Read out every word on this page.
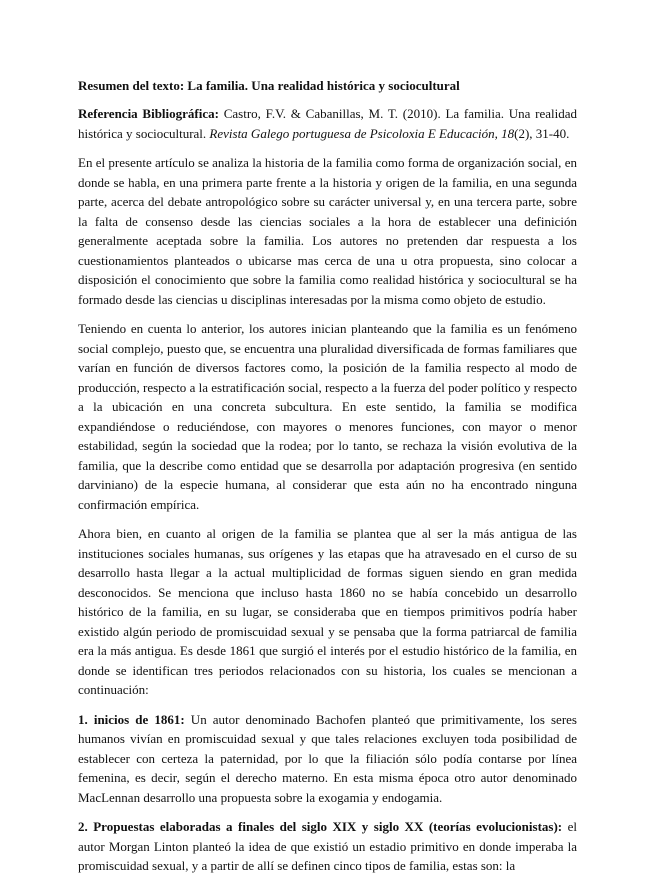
Resumen del texto: La familia. Una realidad histórica y sociocultural

Referencia Bibliográfica: Castro, F.V. & Cabanillas, M. T. (2010). La familia. Una realidad histórica y sociocultural. Revista Galego portuguesa de Psicoloxia E Educación, 18(2), 31-40.

En el presente artículo se analiza la historia de la familia como forma de organización social, en donde se habla, en una primera parte frente a la historia y origen de la familia, en una segunda parte, acerca del debate antropológico sobre su carácter universal y, en una tercera parte, sobre la falta de consenso desde las ciencias sociales a la hora de establecer una definición generalmente aceptada sobre la familia. Los autores no pretenden dar respuesta a los cuestionamientos planteados o ubicarse mas cerca de una u otra propuesta, sino colocar a disposición el conocimiento que sobre la familia como realidad histórica y sociocultural se ha formado desde las ciencias u disciplinas interesadas por la misma como objeto de estudio.

Teniendo en cuenta lo anterior, los autores inician planteando que la familia es un fenómeno social complejo, puesto que, se encuentra una pluralidad diversificada de formas familiares que varían en función de diversos factores como, la posición de la familia respecto al modo de producción, respecto a la estratificación social, respecto a la fuerza del poder político y respecto a la ubicación en una concreta subcultura. En este sentido, la familia se modifica expandiéndose o reduciéndose, con mayores o menores funciones, con mayor o menor estabilidad, según la sociedad que la rodea; por lo tanto, se rechaza la visión evolutiva de la familia, que la describe como entidad que se desarrolla por adaptación progresiva (en sentido darviniano) de la especie humana, al considerar que esta aún no ha encontrado ninguna confirmación empírica.

Ahora bien, en cuanto al origen de la familia se plantea que al ser la más antigua de las instituciones sociales humanas, sus orígenes y las etapas que ha atravesado en el curso de su desarrollo hasta llegar a la actual multiplicidad de formas siguen siendo en gran medida desconocidos. Se menciona que incluso hasta 1860 no se había concebido un desarrollo histórico de la familia, en su lugar, se consideraba que en tiempos primitivos podría haber existido algún periodo de promiscuidad sexual y se pensaba que la forma patriarcal de familia era la más antigua. Es desde 1861 que surgió el interés por el estudio histórico de la familia, en donde se identifican tres periodos relacionados con su historia, los cuales se mencionan a continuación:

1. inicios de 1861: Un autor denominado Bachofen planteó que primitivamente, los seres humanos vivían en promiscuidad sexual y que tales relaciones excluyen toda posibilidad de establecer con certeza la paternidad, por lo que la filiación sólo podía contarse por línea femenina, es decir, según el derecho materno. En esta misma época otro autor denominado MacLennan desarrollo una propuesta sobre la exogamia y endogamia.

2. Propuestas elaboradas a finales del siglo XIX y siglo XX (teorías evolucionistas): el autor Morgan Linton planteó la idea de que existió un estadio primitivo en donde imperaba la promiscuidad sexual, y a partir de allí se definen cinco tipos de familia, estas son: la
